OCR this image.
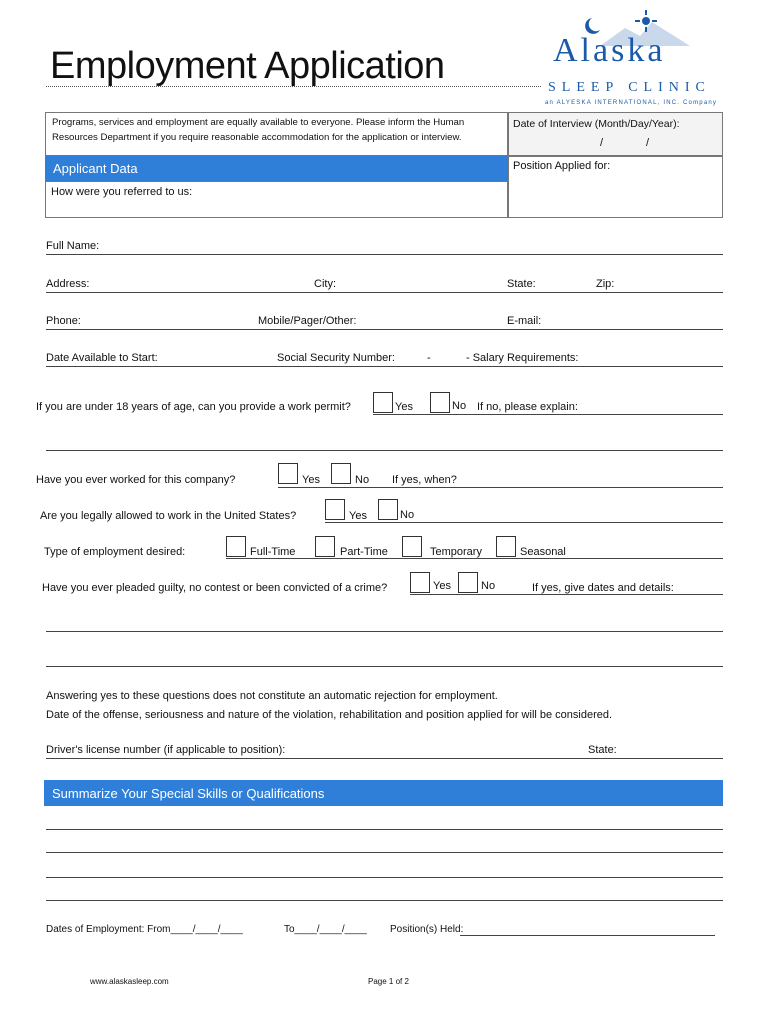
Employment Application	Alaska
SLEEP CLINIC
an ALYESKA INTERNATIONAL, INC. Company
Programs, services and employment are equally available to everyone. Please inform the Human
Resources Department if you require reasonable accommodation for the application or interview.
Date of Interview (Month/Day/Year):
/	/
Position Applied for:
Applicant Data
How were you referred to us:
Full Name:
Address:	City:	State:	Zip:
Phone:	Mobile/Pager/Other:	E-mail:
Date Available to Start:	Social Security Number:	-	- Salary Requirements:
If you are under 18 years of age, can you provide a work permit?	Yes	No If no, please explain:
Have you ever worked for this company?	Yes	No If yes, when?
Are you legally allowed to work in the United States?	Yes	No
Type of employment desired:	Full-Time	Part-Time	Temporary	Seasonal
Have you ever pleaded guilty, no contest or been convicted of a crime?	Yes	No	If yes, give dates and details:
Answering yes to these questions does not constitute an automatic rejection for employment.
Date of the offense, seriousness and nature of the violation, rehabilitation and position applied for will be considered.
Driver's license number (if applicable to position):	State:
Summarize Your Special Skills or Qualifications
Dates of Employment: From____/____/____	To____/____/____ Position(s) Held:
www.alaskasleep.com	Page 1 of 2
